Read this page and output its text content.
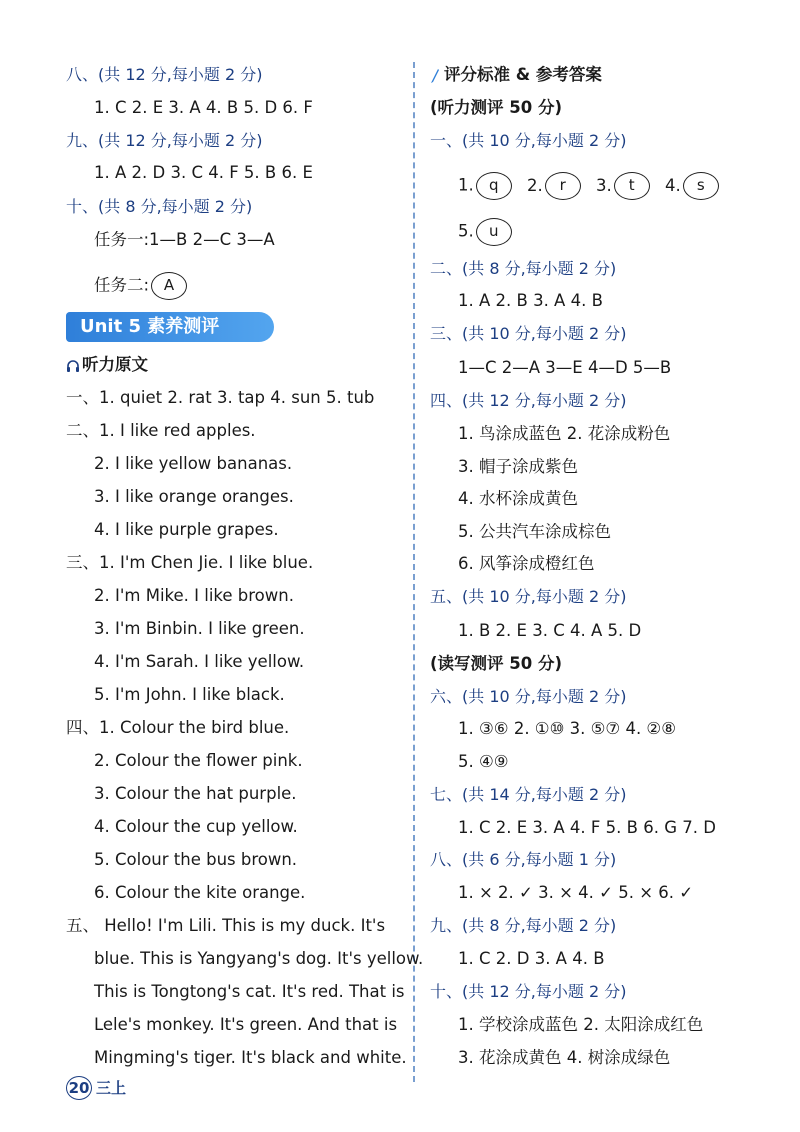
八、(共 12 分,每小题 2 分)
1. C 2. E 3. A 4. B 5. D 6. F
九、(共 12 分,每小题 2 分)
1. A 2. D 3. C 4. F 5. B 6. E
十、(共 8 分,每小题 2 分)
任务一:1—B 2—C 3—A
任务二: A
Unit 5 素养测评
听力原文
一、1. quiet 2. rat 3. tap 4. sun 5. tub
二、1. I like red apples.
2. I like yellow bananas.
3. I like orange oranges.
4. I like purple grapes.
三、1. I'm Chen Jie. I like blue.
2. I'm Mike. I like brown.
3. I'm Binbin. I like green.
4. I'm Sarah. I like yellow.
5. I'm John. I like black.
四、1. Colour the bird blue.
2. Colour the flower pink.
3. Colour the hat purple.
4. Colour the cup yellow.
5. Colour the bus brown.
6. Colour the kite orange.
五、 Hello! I'm Lili. This is my duck. It's
blue. This is Yangyang's dog. It's yellow.
This is Tongtong's cat. It's red. That is
Lele's monkey. It's green. And that is
Mingming's tiger. It's black and white.
20 三上
评分标准 & 参考答案
(听力测评 50 分)
一、(共 10 分,每小题 2 分)
1. q 2. r 3. t 4. s
5. u
二、(共 8 分,每小题 2 分)
1. A 2. B 3. A 4. B
三、(共 10 分,每小题 2 分)
1—C 2—A 3—E 4—D 5—B
四、(共 12 分,每小题 2 分)
1. 鸟涂成蓝色 2. 花涂成粉色
3. 帽子涂成紫色
4. 水杯涂成黄色
5. 公共汽车涂成棕色
6. 风筝涂成橙红色
五、(共 10 分,每小题 2 分)
1. B 2. E 3. C 4. A 5. D
(读写测评 50 分)
六、(共 10 分,每小题 2 分)
1. ③⑥ 2. ①⑩ 3. ⑤⑦ 4. ②⑧
5. ④⑨
七、(共 14 分,每小题 2 分)
1. C 2. E 3. A 4. F 5. B 6. G 7. D
八、(共 6 分,每小题 1 分)
1. × 2. ✓ 3. × 4. ✓ 5. × 6. ✓
九、(共 8 分,每小题 2 分)
1. C 2. D 3. A 4. B
十、(共 12 分,每小题 2 分)
1. 学校涂成蓝色 2. 太阳涂成红色
3. 花涂成黄色 4. 树涂成绿色
